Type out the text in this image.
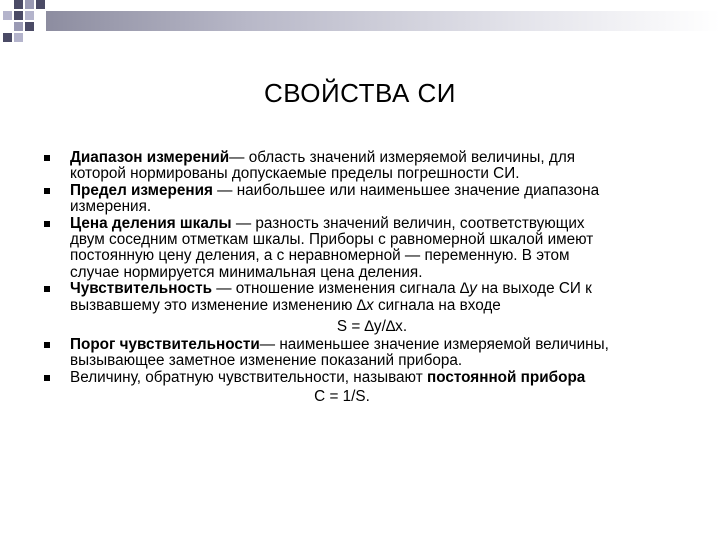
СВОЙСТВА СИ
Диапазон измерений— область значений измеряемой величины, для которой нормированы допускаемые пределы погрешности СИ.
Предел измерения — наибольшее или наименьшее значение диапазона измерения.
Цена деления шкалы — разность значений величин, соответствующих двум соседним отметкам шкалы. Приборы с равномерной шкалой имеют постоянную цену деления, а с неравномерной — переменную. В этом случае нормируется минимальная цена деления.
Чувствительность — отношение изменения сигнала ∆y на выходе СИ к вызвавшему это изменение изменению ∆x сигнала на входе
S = ∆y/∆x.
Порог чувствительности— наименьшее значение измеряемой величины, вызывающее заметное изменение показаний прибора.
Величину, обратную чувствительности, называют постоянной прибора
С = 1/S.
